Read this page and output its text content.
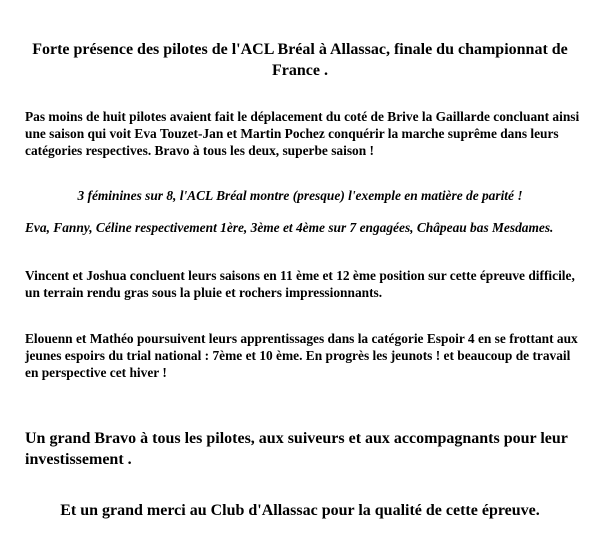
Forte présence des pilotes de l'ACL Bréal à Allassac, finale du championnat de France .

Pas moins de huit pilotes avaient fait le déplacement du coté de Brive la Gaillarde concluant ainsi une saison qui voit Eva Touzet-Jan et Martin Pochez conquérir la marche suprême dans leurs catégories respectives. Bravo à tous les deux, superbe saison !

3 féminines sur 8, l'ACL Bréal montre (presque) l'exemple en matière de parité !

Eva, Fanny, Céline respectivement 1ère, 3ème et 4ème sur 7 engagées, Châpeau bas Mesdames.

Vincent et Joshua concluent leurs saisons en 11 ème et 12 ème position sur cette épreuve difficile, un terrain rendu gras sous la pluie et rochers impressionnants.

Elouenn et Mathéo poursuivent leurs apprentissages dans la catégorie Espoir 4 en se frottant aux jeunes espoirs du trial national : 7ème et 10 ème. En progrès les jeunots ! et beaucoup de travail en perspective cet hiver !

Un grand Bravo à tous les pilotes, aux suiveurs et aux accompagnants pour leur investissement .

Et un grand merci au Club d'Allassac pour la qualité de cette épreuve.
